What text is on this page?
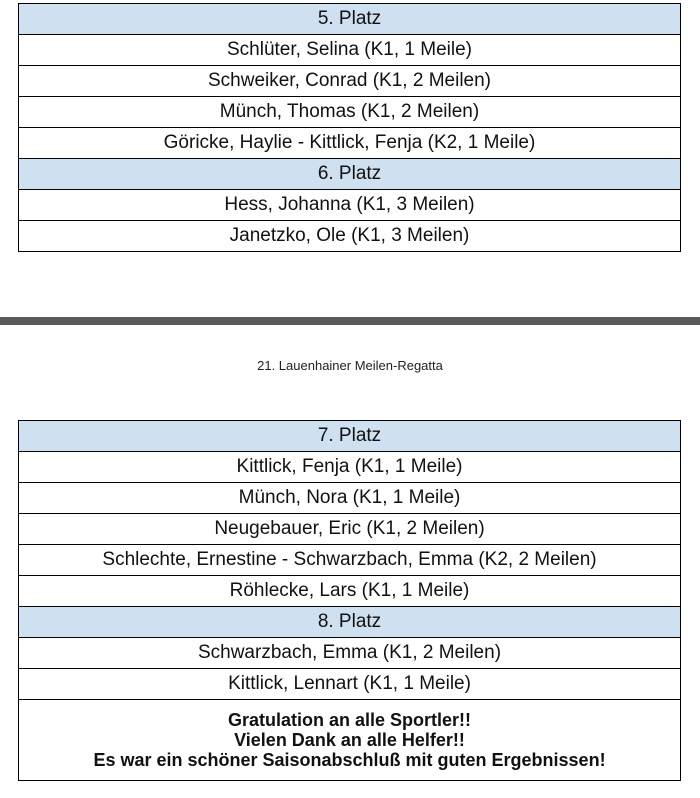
5. Platz
Schlüter, Selina (K1, 1 Meile)
Schweiker, Conrad (K1, 2 Meilen)
Münch, Thomas (K1, 2 Meilen)
Göricke, Haylie - Kittlick, Fenja (K2, 1 Meile)
6. Platz
Hess, Johanna (K1, 3 Meilen)
Janetzko, Ole (K1, 3 Meilen)
21. Lauenhainer Meilen-Regatta
7. Platz
Kittlick, Fenja (K1, 1 Meile)
Münch, Nora (K1, 1 Meile)
Neugebauer, Eric (K1, 2 Meilen)
Schlechte, Ernestine - Schwarzbach, Emma (K2, 2 Meilen)
Röhlecke, Lars (K1, 1 Meile)
8. Platz
Schwarzbach, Emma (K1, 2 Meilen)
Kittlick, Lennart (K1, 1 Meile)

Gratulation an alle Sportler!!
Vielen Dank an alle Helfer!!
Es war ein schöner Saisonabschluß mit guten Ergebnissen!
